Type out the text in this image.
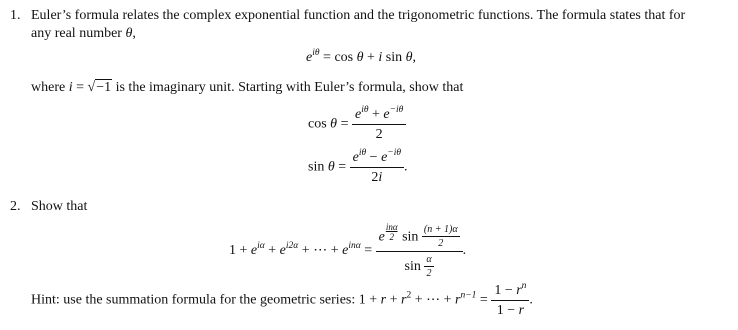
1. Euler’s formula relates the complex exponential function and the trigonometric functions. The formula states that for
any real number θ,
$e^{i\theta} = \cos \theta + i$ sin θ,
where i = √−1 is the imaginary unit. Starting with Euler’s formula, show that
$\cos \theta = \frac{e^{i\theta} + e^{-i\theta}}{2}$
$\sin \theta = \frac{e^{i\theta} - e^{-i\theta}}{2i}$ .
2. Show that
$1 + e^{i\alpha} + e^{i2\alpha}$ + ⋯ + $e^{in\alpha} = \frac{e \frac{\text{inα}}{2} \sin \frac{(n + 1)\alpha}{2}}{\sin \frac{\alpha}{2}}$ .
Hint: use the summation formula for the geometric series: $1 + r + r^2$ + ⋯ + $r^{n-1} = \frac{1 - r^n}{1 - r}$ .
